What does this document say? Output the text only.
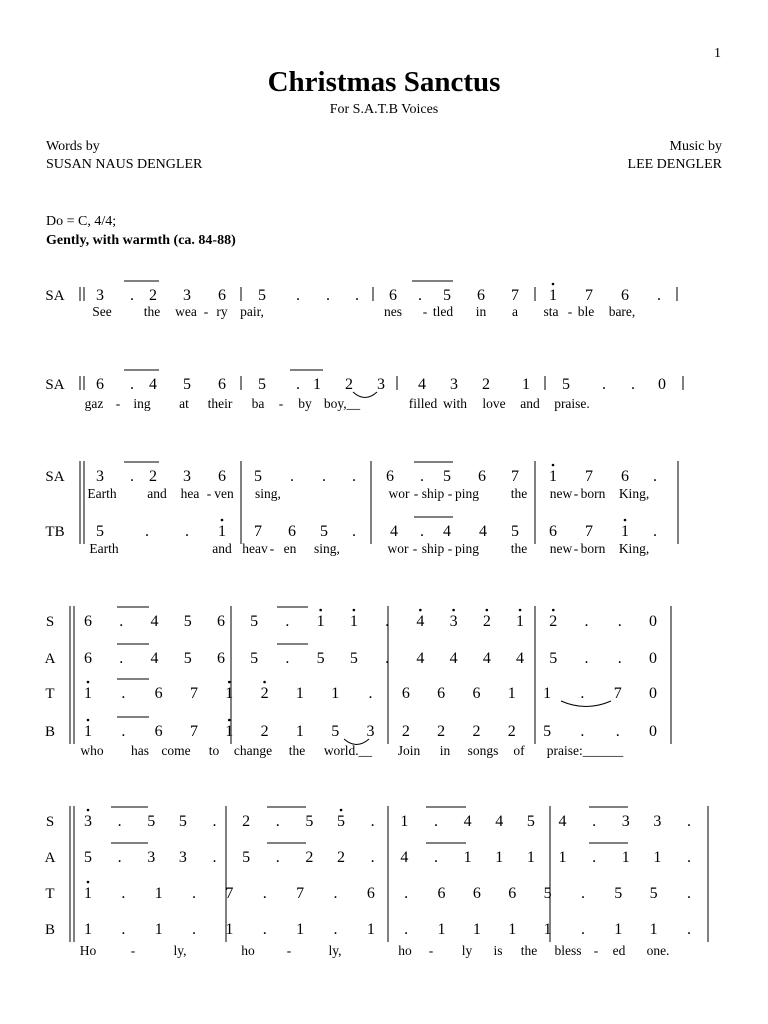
1
Christmas Sanctus
For S.A.T.B Voices
Words by
SUSAN NAUS DENGLER
Music by
LEE DENGLER
Do = C, 4/4;
Gently, with warmth (ca. 84-88)
SA 3 . 2 3 6 5 . . . 6 . 5 6 7 1 7 6 .
See the wea - ry pair,	nes - tled in a sta - ble bare,
SA 6 . 4 5 6 5 . 1 2 3 4 3 2 1 5 . . 0
gaz - ing at their ba - by boy,__	filled with love and praise.
SA 3 . 2 3 6 5 . . . 6 . 5 6 7 1 7 6 .
TB 5	. . 1 7 6 5 . 4 . 4 4 5 6 7 1 .
Earth and hea - ven sing,	wor - ship - ping the new - born King,
Earth	and heav - en sing,	wor - ship - ping the new - born King,
S 6 . 4 5 6 5 . 1 1 . 4 3 2 1 2 . . 0
A 6 . 4 5 6 5 . 5 5 . 4 4 4 4 5 . . 0
T 1 . 6 7 1 2 1 1 . 6 6 6 1 1 . 7 0
B 1 . 6 7 1 2 1 5 3 2 2 2 2 5 . . 0
who has come to change the world.__ Join in songs of praise:______
S 3 . 5 5 . 2 . 5 5 . 1 . 4 4 5 4 . 3 3 .
A 5 . 3 3 . 5 . 2 2 . 4 . 1 1 1 1 . 1 1 .
T 1 . 1 . 7 . 7 . 6 . 6 6 6 5 . 5 5 .
B 1 . 1 . 1 . 1 . 1 . 1 1 1 1 . 1 1 .
Ho	-	ly,	ho -	ly,	ho - ly is the bless - ed one.
